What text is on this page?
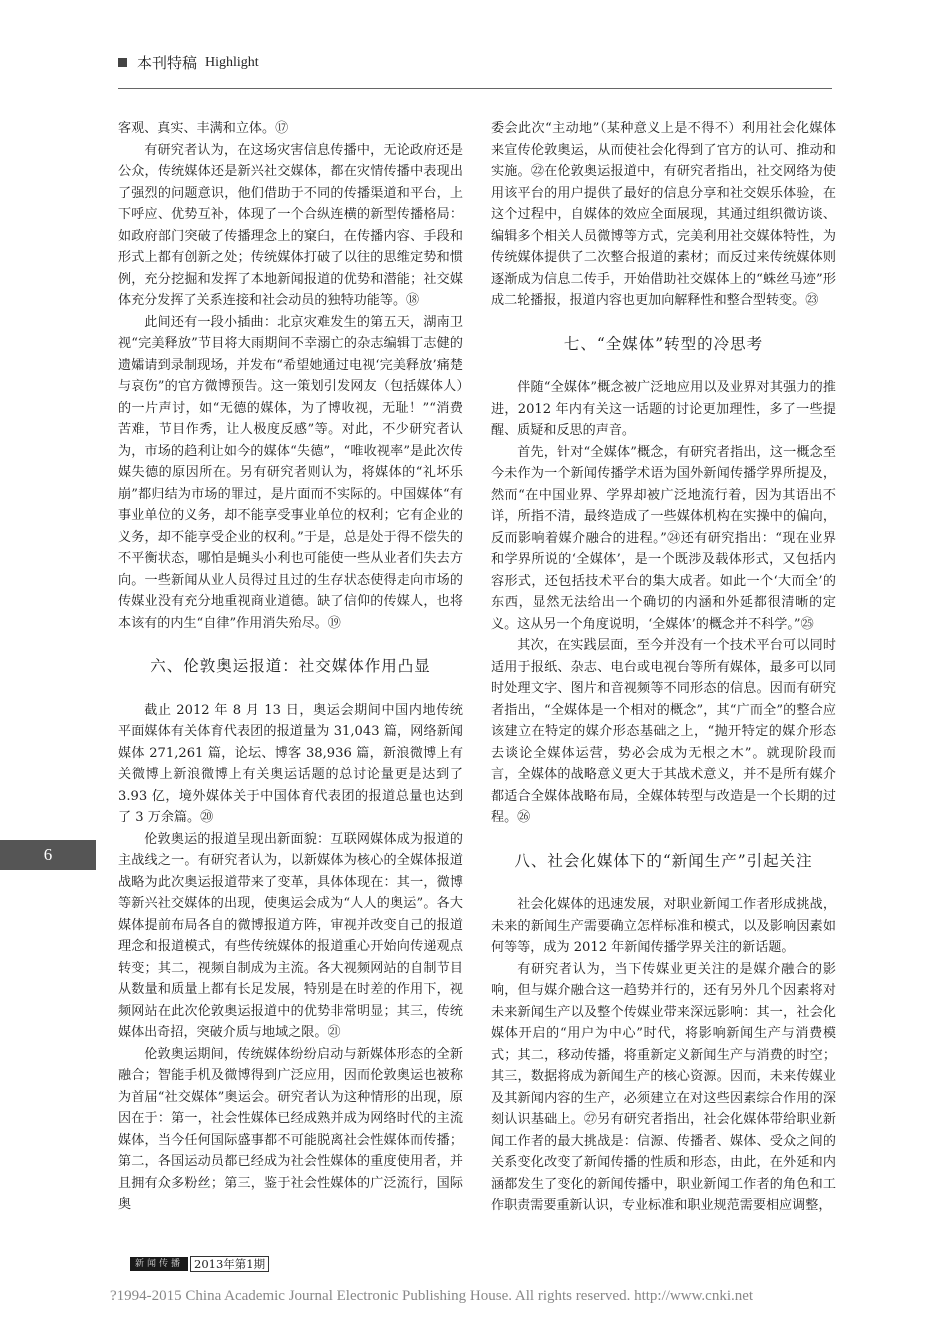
本刊特稿 Highlight

客观、真实、丰满和立体。⑰

有研究者认为，在这场灾害信息传播中，无论政府还是公众，传统媒体还是新兴社交媒体，都在灾情传播中表现出了强烈的问题意识，他们借助于不同的传播渠道和平台，上下呼应、优势互补，体现了一个合纵连横的新型传播格局：如政府部门突破了传播理念上的窠臼，在传播内容、手段和形式上都有创新之处；传统媒体打破了以往的思维定势和惯例，充分挖掘和发挥了本地新闻报道的优势和潜能；社交媒体充分发挥了关系连接和社会动员的独特功能等。⑱

此间还有一段小插曲：北京灾难发生的第五天，湖南卫视“完美释放”节目将大雨期间不幸溺亡的杂志编辑丁志健的遗孀请到录制现场，并发布“希望她通过电视‘完美释放’痛楚与哀伤”的官方微博预告。这一策划引发网友（包括媒体人）的一片声讨，如“无德的媒体，为了博收视，无耻！”“消费苦难，节目作秀，让人极度反感”等。对此，不少研究者认为，市场的趋利让如今的媒体“失德”，“唯收视率”是此次传媒失德的原因所在。另有研究者则认为，将媒体的“礼坏乐崩”都归结为市场的罪过，是片面而不实际的。中国媒体“有事业单位的义务，却不能享受事业单位的权利；它有企业的义务，却不能享受企业的权利。”于是，总是处于得不偿失的不平衡状态，哪怕是蝇头小利也可能使一些从业者们失去方向。一些新闻从业人员得过且过的生存状态使得走向市场的传媒业没有充分地重视商业道德。缺了信仰的传媒人，也将本该有的内生“自律”作用消失殆尽。⑲

六、伦敦奥运报道：社交媒体作用凸显

截止 2012 年 8 月 13 日，奥运会期间中国内地传统平面媒体有关体育代表团的报道量为 31,043 篇，网络新闻媒体 271,261 篇，论坛、博客 38,936 篇，新浪微博上有关微博上新浪微博上有关奥运话题的总讨论量更是达到了 3.93 亿，境外媒体关于中国体育代表团的报道总量也达到了 3 万余篇。⑳

伦敦奥运的报道呈现出新面貌：互联网媒体成为报道的主战线之一。有研究者认为，以新媒体为核心的全媒体报道战略为此次奥运报道带来了变革，具体体现在：其一，微博等新兴社交媒体的出现，使奥运会成为“人人的奥运”。各大媒体提前布局各自的微博报道方阵，审视并改变自己的报道理念和报道模式，有些传统媒体的报道重心开始向传递观点转变；其二，视频自制成为主流。各大视频网站的自制节目从数量和质量上都有长足发展，特别是在时差的作用下，视频网站在此次伦敦奥运报道中的优势非常明显；其三，传统媒体出奇招，突破介质与地域之限。㉑

伦敦奥运期间，传统媒体纷纷启动与新媒体形态的全新融合；智能手机及微博得到广泛应用，因而伦敦奥运也被称为首届“社交媒体”奥运会。研究者认为这种情形的出现，原因在于：第一，社会性媒体已经成熟并成为网络时代的主流媒体，当今任何国际盛事都不可能脱离社会性媒体而传播；第二，各国运动员都已经成为社会性媒体的重度使用者，并且拥有众多粉丝；第三，鉴于社会性媒体的广泛流行，国际奥

委会此次“主动地”（某种意义上是不得不）利用社会化媒体来宣传伦敦奥运，从而使社会化得到了官方的认可、推动和实施。㉒在伦敦奥运报道中，有研究者指出，社交网络为使用该平台的用户提供了最好的信息分享和社交娱乐体验，在这个过程中，自媒体的效应全面展现，其通过组织微访谈、编辑多个相关人员微博等方式，完美利用社交媒体特性，为传统媒体提供了二次整合报道的素材；而反过来传统媒体则逐渐成为信息二传手，开始借助社交媒体上的“蛛丝马迹”形成二轮播报，报道内容也更加向解释性和整合型转变。㉓

七、“全媒体”转型的冷思考

伴随“全媒体”概念被广泛地应用以及业界对其强力的推进，2012 年内有关这一话题的讨论更加理性，多了一些提醒、质疑和反思的声音。

首先，针对“全媒体”概念，有研究者指出，这一概念至今未作为一个新闻传播学术语为国外新闻传播学界所提及，然而“在中国业界、学界却被广泛地流行着，因为其语出不详，所指不清，最终造成了一些媒体机构在实操中的偏向，反而影响着媒介融合的进程。”㉔还有研究指出：“现在业界和学界所说的‘全媒体’，是一个既涉及载体形式，又包括内容形式，还包括技术平台的集大成者。如此一个‘大而全’的东西，显然无法给出一个确切的内涵和外延都很清晰的定义。这从另一个角度说明，‘全媒体’的概念并不科学。”㉕

其次，在实践层面，至今并没有一个技术平台可以同时适用于报纸、杂志、电台或电视台等所有媒体，最多可以同时处理文字、图片和音视频等不同形态的信息。因而有研究者指出，“全媒体是一个相对的概念”，其“广而全”的整合应该建立在特定的媒介形态基础之上，“抛开特定的媒介形态去谈论全媒体运营，势必会成为无根之木”。就现阶段而言，全媒体的战略意义更大于其战术意义，并不是所有媒介都适合全媒体战略布局，全媒体转型与改造是一个长期的过程。㉖

八、社会化媒体下的“新闻生产”引起关注

社会化媒体的迅速发展，对职业新闻工作者形成挑战，未来的新闻生产需要确立怎样标准和模式，以及影响因素如何等等，成为 2012 年新闻传播学界关注的新话题。

有研究者认为，当下传媒业更关注的是媒介融合的影响，但与媒介融合这一趋势并行的，还有另外几个因素将对未来新闻生产以及整个传媒业带来深远影响：其一，社会化媒体开启的“用户为中心”时代，将影响新闻生产与消费模式；其二，移动传播，将重新定义新闻生产与消费的时空；其三，数据将成为新闻生产的核心资源。因而，未来传媒业及其新闻内容的生产，必须建立在对这些因素综合作用的深刻认识基础上。㉗另有研究者指出，社会化媒体带给职业新闻工作者的最大挑战是：信源、传播者、媒体、受众之间的关系变化改变了新闻传播的性质和形态，由此，在外延和内涵都发生了变化的新闻传播中，职业新闻工作者的角色和工作职责需要重新认识，专业标准和职业规范需要相应调整，

6
新闻传播 2013年第1期
?1994-2015 China Academic Journal Electronic Publishing House. All rights reserved. http://www.cnki.net
